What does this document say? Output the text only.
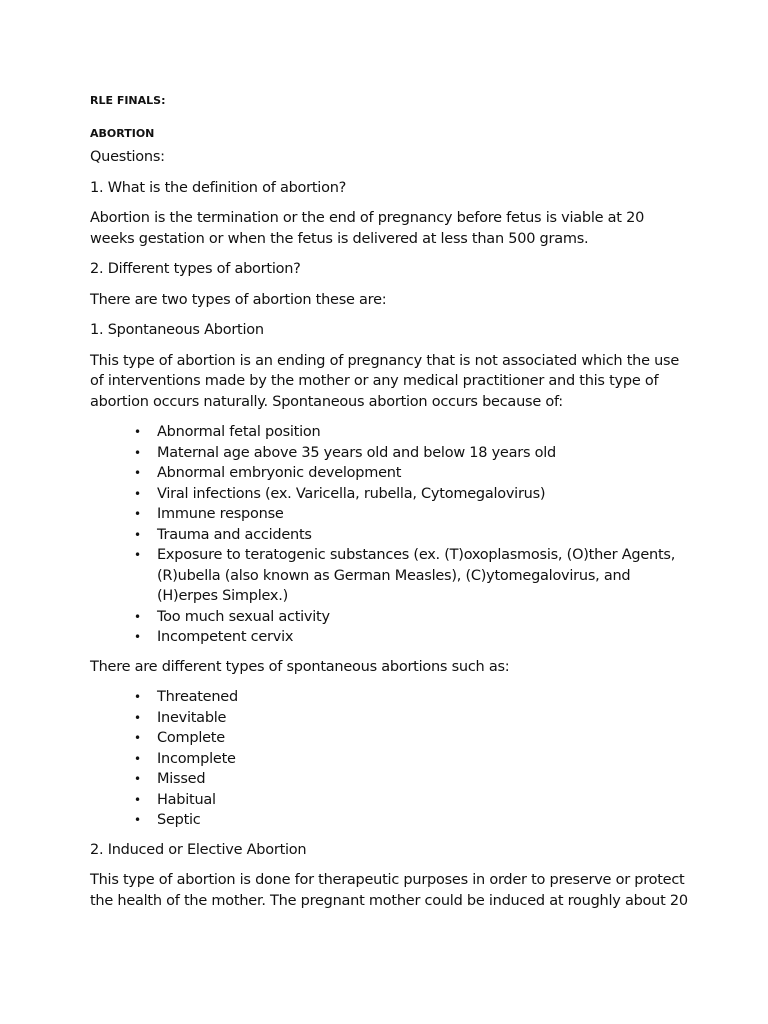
RLE FINALS:
ABORTION

Questions:

1. What is the definition of abortion?

Abortion is the termination or the end of pregnancy before fetus is viable at 20 weeks gestation or when the fetus is delivered at less than 500 grams.

2. Different types of abortion?

There are two types of abortion these are:

1. Spontaneous Abortion

This type of abortion is an ending of pregnancy that is not associated which the use of interventions made by the mother or any medical practitioner and this type of abortion occurs naturally. Spontaneous abortion occurs because of:

• Abnormal fetal position
• Maternal age above 35 years old and below 18 years old
• Abnormal embryonic development
• Viral infections (ex. Varicella, rubella, Cytomegalovirus)
• Immune response
• Trauma and accidents
• Exposure to teratogenic substances (ex. (T)oxoplasmosis, (O)ther Agents, (R)ubella (also known as German Measles), (C)ytomegalovirus, and (H)erpes Simplex.)
• Too much sexual activity
• Incompetent cervix

There are different types of spontaneous abortions such as:

• Threatened
• Inevitable
• Complete
• Incomplete
• Missed
• Habitual
• Septic

2. Induced or Elective Abortion

This type of abortion is done for therapeutic purposes in order to preserve or protect the health of the mother. The pregnant mother could be induced at roughly about 20
